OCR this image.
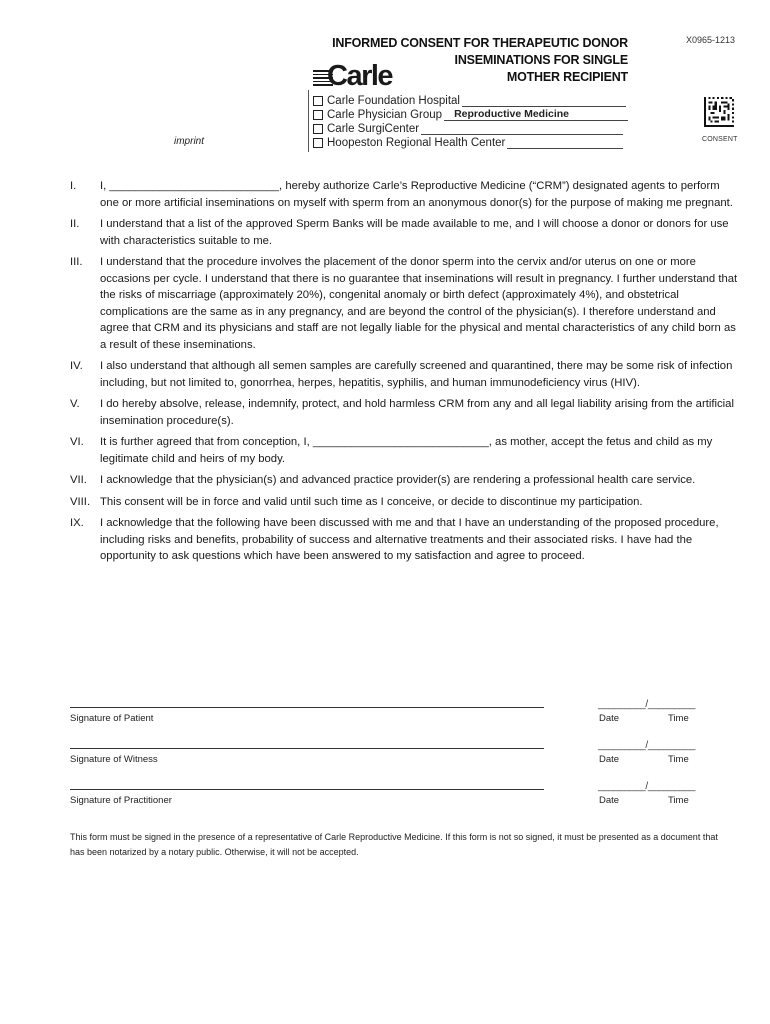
X0965-1213
INFORMED CONSENT FOR THERAPEUTIC DONOR
INSEMINATIONS FOR SINGLE
MOTHER RECIPIENT
Carle
Carle Foundation Hospital
Carle Physician Group Reproductive Medicine
Carle SurgiCenter
Hoopeston Regional Health Center
imprint	CONSENT
I.	I, ___________________________, hereby authorize Carle’s Reproductive Medicine (“CRM”) designated agents to perform one or more artificial inseminations on myself with sperm from an anonymous donor(s) for the purpose of making me pregnant.
II.	I understand that a list of the approved Sperm Banks will be made available to me, and I will choose a donor or donors for use with characteristics suitable to me.
III.	I understand that the procedure involves the placement of the donor sperm into the cervix and/or uterus on one or more occasions per cycle. I understand that there is no guarantee that inseminations will result in pregnancy. I further understand that the risks of miscarriage (approximately 20%), congenital anomaly or birth defect (approximately 4%), and obstetrical complications are the same as in any pregnancy, and are beyond the control of the physician(s). I therefore understand and agree that CRM and its physicians and staff are not legally liable for the physical and mental characteristics of any child born as a result of these inseminations.
IV.	I also understand that although all semen samples are carefully screened and quarantined, there may be some risk of infection including, but not limited to, gonorrhea, herpes, hepatitis, syphilis, and human immunodeficiency virus (HIV).
V.	I do hereby absolve, release, indemnify, protect, and hold harmless CRM from any and all legal liability arising from the artificial insemination procedure(s).
VI.	It is further agreed that from conception, I, ____________________________, as mother, accept the fetus and child as my legitimate child and heirs of my body.
VII.	I acknowledge that the physician(s) and advanced practice provider(s) are rendering a professional health care service.
VIII. This consent will be in force and valid until such time as I conceive, or decide to discontinue my participation.
IX.	I acknowledge that the following have been discussed with me and that I have an understanding of the proposed procedure, including risks and benefits, probability of success and alternative treatments and their associated risks. I have had the opportunity to ask questions which have been answered to my satisfaction and agree to proceed.
Signature of Patient
_________/_________
Date	Time
Signature of Witness
_________/_________
Date	Time
Signature of Practitioner
_________/_________
Date	Time
This form must be signed in the presence of a representative of Carle Reproductive Medicine. If this form is not so signed, it must be presented as a document that has been notarized by a notary public. Otherwise, it will not be accepted.
